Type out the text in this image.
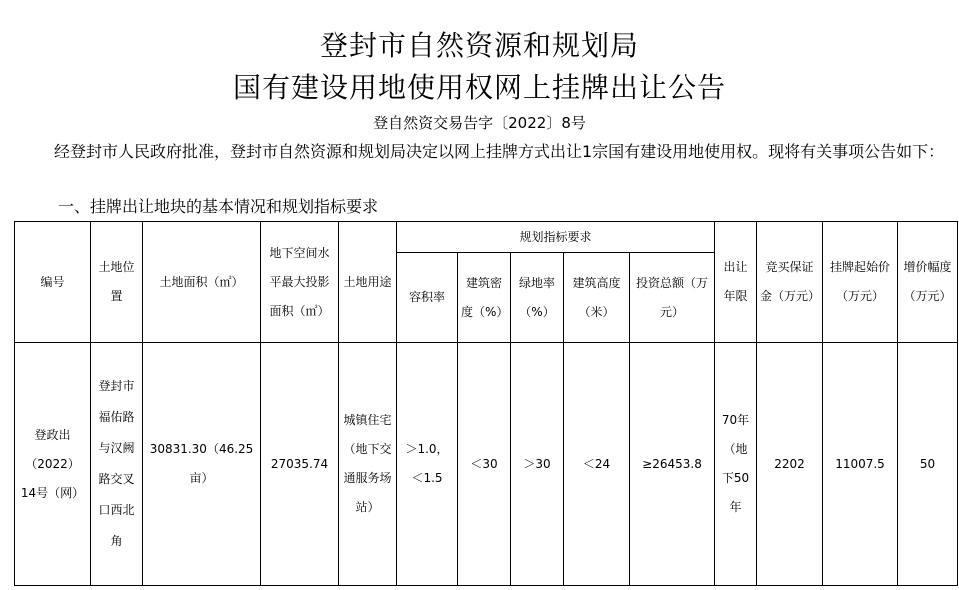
登封市自然资源和规划局
国有建设用地使用权网上挂牌出让公告
登自然资交易告字〔2022〕8号
经登封市人民政府批准，登封市自然资源和规划局决定以网上挂牌方式出让1宗国有建设用地使用权。现将有关事项公告如下：
一、挂牌出让地块的基本情况和规划指标要求
编号	土地位置	土地面积（㎡）	地下空间水平最大投影面积（㎡）	土地用途	规划指标要求					出让年限	竞买保证金（万元）	挂牌起始价（万元）	增价幅度（万元）
					容积率	建筑密度（%）	绿地率（%）	建筑高度（米）	投资总额（万元）				
登政出（2022）14号（网）	登封市福佑路与汉阙路交叉口西北角	30831.30（46.25亩）	27035.74	城镇住宅（地下交通服务场站）	＞1.0，＜1.5	＜30	＞30	＜24	≥26453.8	70年（地下50年	2202	11007.5	50
